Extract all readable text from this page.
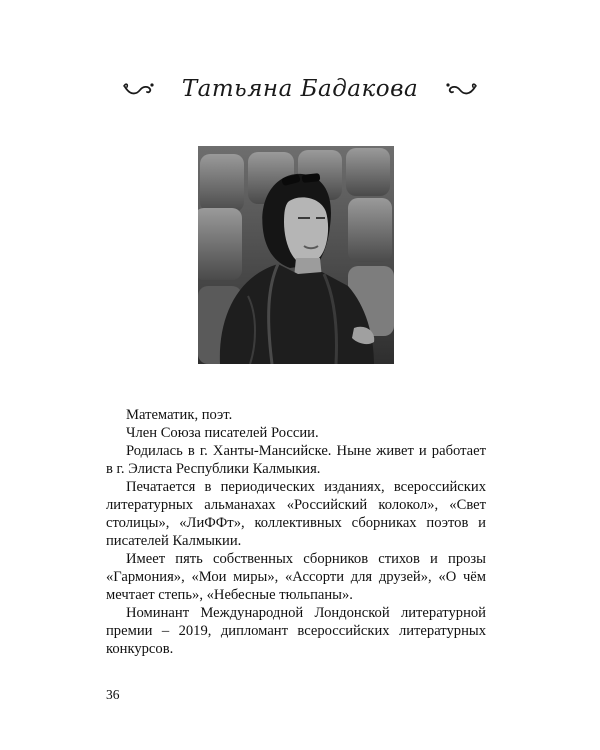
Татьяна Бадакова

Математик, поэт.

Член Союза писателей России.

Родилась в г. Ханты-Мансийске. Ныне живет и работает в г. Элиста Республики Калмыкия.

Печатается в периодических изданиях, всероссийских литературных альманахах «Российский колокол», «Свет столицы», «ЛиФФт», коллективных сборниках поэтов и писателей Калмыкии.

Имеет пять собственных сборников стихов и прозы «Гармония», «Мои миры», «Ассорти для друзей», «О чём мечтает степь», «Небесные тюльпаны».

Номинант Международной Лондонской литературной премии – 2019, дипломант всероссийских литературных конкурсов.

36
